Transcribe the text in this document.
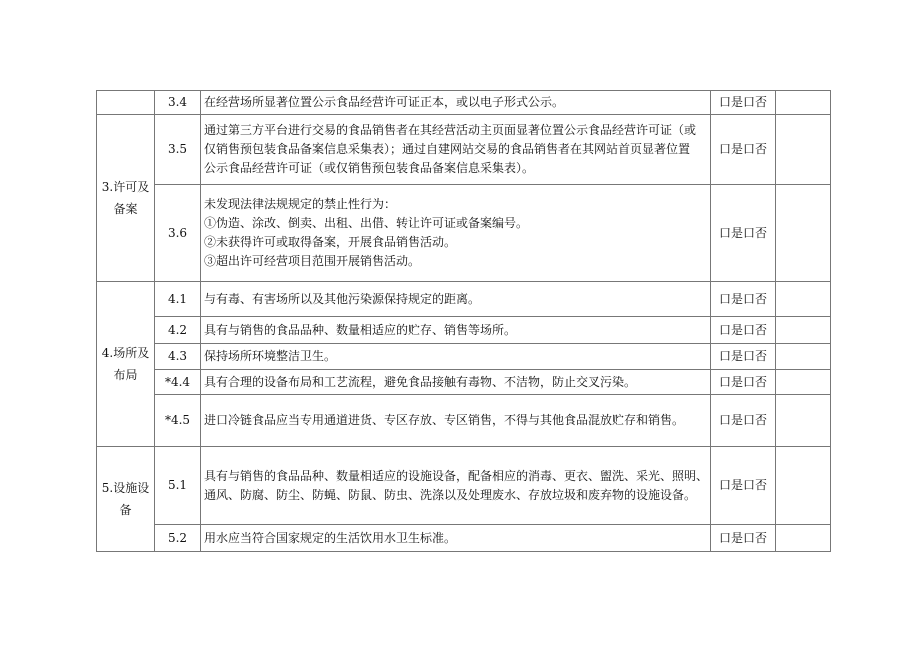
	3.4	在经营场所显著位置公示食品经营许可证正本，或以电子形式公示。	口是口否	

3.许可及
备案	3.5	通过第三方平台进行交易的食品销售者在其经营活动主页面显著位置公示食品经营许可证（或
仅销售预包装食品备案信息采集表）；通过自建网站交易的食品销售者在其网站首页显著位置
公示食品经营许可证（或仅销售预包装食品备案信息采集表）。	口是口否	
	3.6	未发现法律法规规定的禁止性行为：
①伪造、涂改、倒卖、出租、出借、转让许可证或备案编号。
②未获得许可或取得备案，开展食品销售活动。
③超出许可经营项目范围开展销售活动。	口是口否	

4.场所及
布局	4.1	与有毒、有害场所以及其他污染源保持规定的距离。	口是口否	
	4.2	具有与销售的食品品种、数量相适应的贮存、销售等场所。	口是口否	
	4.3	保持场所环境整洁卫生。	口是口否	
	*4.4	具有合理的设备布局和工艺流程，避免食品接触有毒物、不洁物，防止交叉污染。	口是口否	
	*4.5	进口冷链食品应当专用通道进货、专区存放、专区销售，不得与其他食品混放贮存和销售。	口是口否	

5.设施设
备	5.1	具有与销售的食品品种、数量相适应的设施设备，配备相应的消毒、更衣、盥洗、采光、照明、
通风、防腐、防尘、防蝇、防鼠、防虫、洗涤以及处理废水、存放垃圾和废弃物的设施设备。	口是口否	
	5.2	用水应当符合国家规定的生活饮用水卫生标准。	口是口否	
